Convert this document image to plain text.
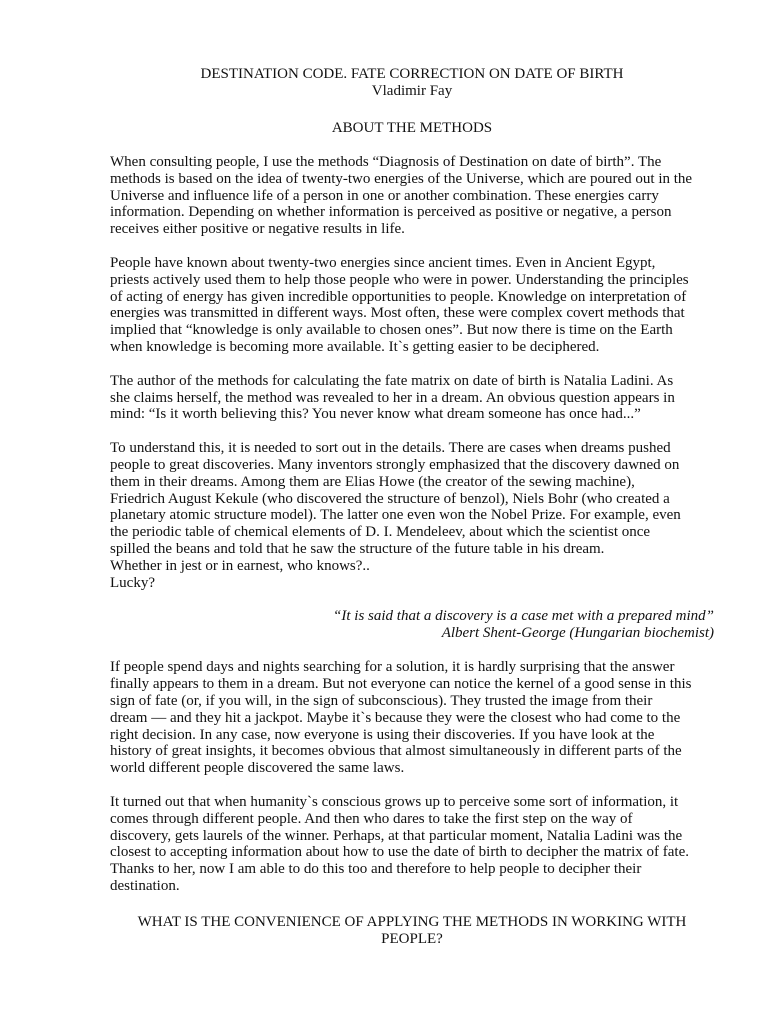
DESTINATION CODE. FATE CORRECTION ON DATE OF BIRTH

Vladimir Fay

ABOUT THE METHODS

When consulting people, I use the methods “Diagnosis of Destination on date of birth”. The
methods is based on the idea of twenty-two energies of the Universe, which are poured out in the
Universe and influence life of a person in one or another combination. These energies carry
information. Depending on whether information is perceived as positive or negative, a person
receives either positive or negative results in life.

People have known about twenty-two energies since ancient times. Even in Ancient Egypt,
priests actively used them to help those people who were in power. Understanding the principles
of acting of energy has given incredible opportunities to people. Knowledge on interpretation of
energies was transmitted in different ways. Most often, these were complex covert methods that
implied that “knowledge is only available to chosen ones”. But now there is time on the Earth
when knowledge is becoming more available. It`s getting easier to be deciphered.

The author of the methods for calculating the fate matrix on date of birth is Natalia Ladini. As
she claims herself, the method was revealed to her in a dream. An obvious question appears in
mind: “Is it worth believing this? You never know what dream someone has once had...”

To understand this, it is needed to sort out in the details. There are cases when dreams pushed
people to great discoveries. Many inventors strongly emphasized that the discovery dawned on
them in their dreams. Among them are Elias Howe (the creator of the sewing machine),
Friedrich August Kekule (who discovered the structure of benzol), Niels Bohr (who created a
planetary atomic structure model). The latter one even won the Nobel Prize. For example, even
the periodic table of chemical elements of D. I. Mendeleev, about which the scientist once
spilled the beans and told that he saw the structure of the future table in his dream.
Whether in jest or in earnest, who knows?..
Lucky?

“It is said that a discovery is a case met with a prepared mind”
Albert Shent-George (Hungarian biochemist)

If people spend days and nights searching for a solution, it is hardly surprising that the answer
finally appears to them in a dream. But not everyone can notice the kernel of a good sense in this
sign of fate (or, if you will, in the sign of subconscious). They trusted the image from their
dream — and they hit a jackpot. Maybe it`s because they were the closest who had come to the
right decision. In any case, now everyone is using their discoveries. If you have look at the
history of great insights, it becomes obvious that almost simultaneously in different parts of the
world different people discovered the same laws.

It turned out that when humanity`s conscious grows up to perceive some sort of information, it
comes through different people. And then who dares to take the first step on the way of
discovery, gets laurels of the winner. Perhaps, at that particular moment, Natalia Ladini was the
closest to accepting information about how to use the date of birth to decipher the matrix of fate.
Thanks to her, now I am able to do this too and therefore to help people to decipher their
destination.

WHAT IS THE CONVENIENCE OF APPLYING THE METHODS IN WORKING WITH
PEOPLE?
